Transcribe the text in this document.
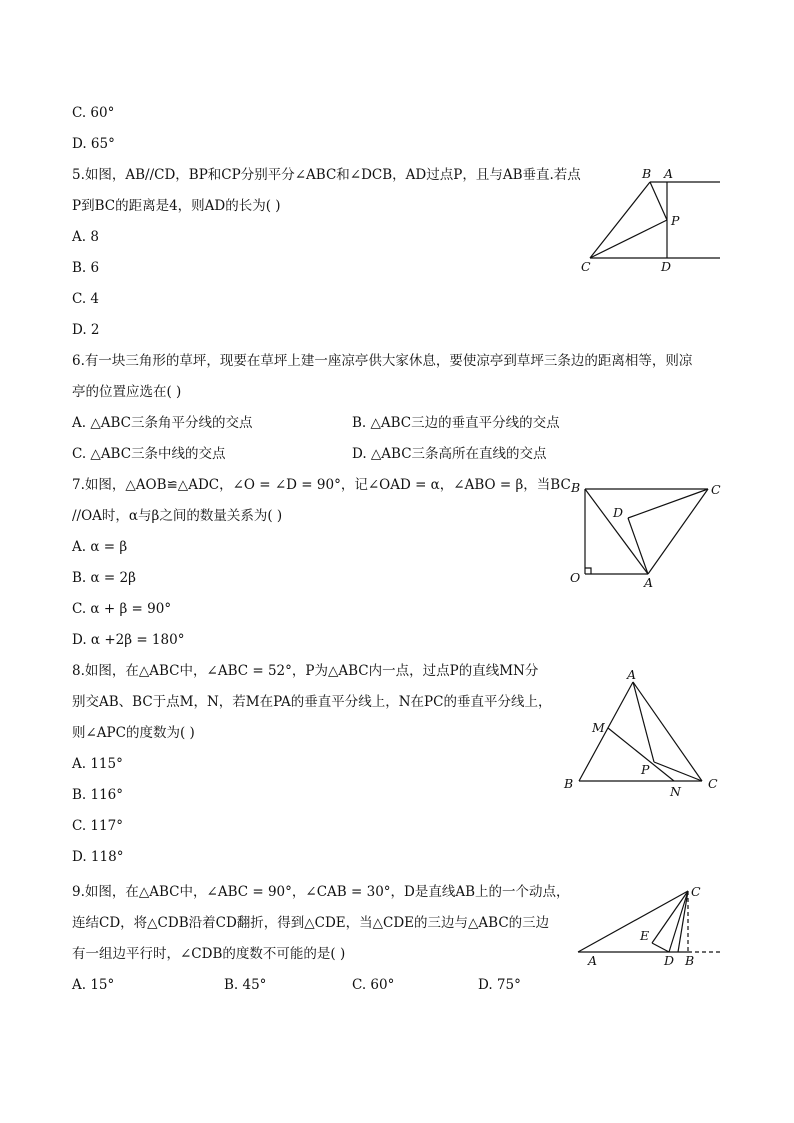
C. 60°
D. 65°
5.如图，AB//CD，BP和CP分别平分∠ABC和∠DCB，AD过点P，且与AB垂直.若点
P到BC的距离是4，则AD的长为( )
A. 8
B. 6
C. 4
D. 2
B A
P
C	D
6.有一块三角形的草坪，现要在草坪上建一座凉亭供大家休息，要使凉亭到草坪三条边的距离相等，则凉
亭的位置应选在( )
A. △ABC三条角平分线的交点	B. △ABC三边的垂直平分线的交点
C. △ABC三条中线的交点	D. △ABC三条高所在直线的交点
7.如图，△AOB≌△ADC，∠O = ∠D = 90°，记∠OAD = α，∠ABO = β，当BC
//OA时，α与β之间的数量关系为( )
A. α = β
B. α = 2β
C. α + β = 90°
D. α +2β = 180°
B	C
D
O	A
8.如图，在△ABC中，∠ABC = 52°，P为△ABC内一点，过点P的直线MN分
别交AB、BC于点M，N，若M在PA的垂直平分线上，N在PC的垂直平分线上，
则∠APC的度数为( )
A. 115°
B. 116°
C. 117°
D. 118°
A
M
P
B
N
C
9.如图，在△ABC中，∠ABC = 90°，∠CAB = 30°，D是直线AB上的一个动点，
连结CD，将△CDB沿着CD翻折，得到△CDE，当△CDE的三边与△ABC的三边
有一组边平行时，∠CDB的度数不可能的是( )
A. 15°	B. 45°	C. 60°	D. 75°
C
E
A	D B
